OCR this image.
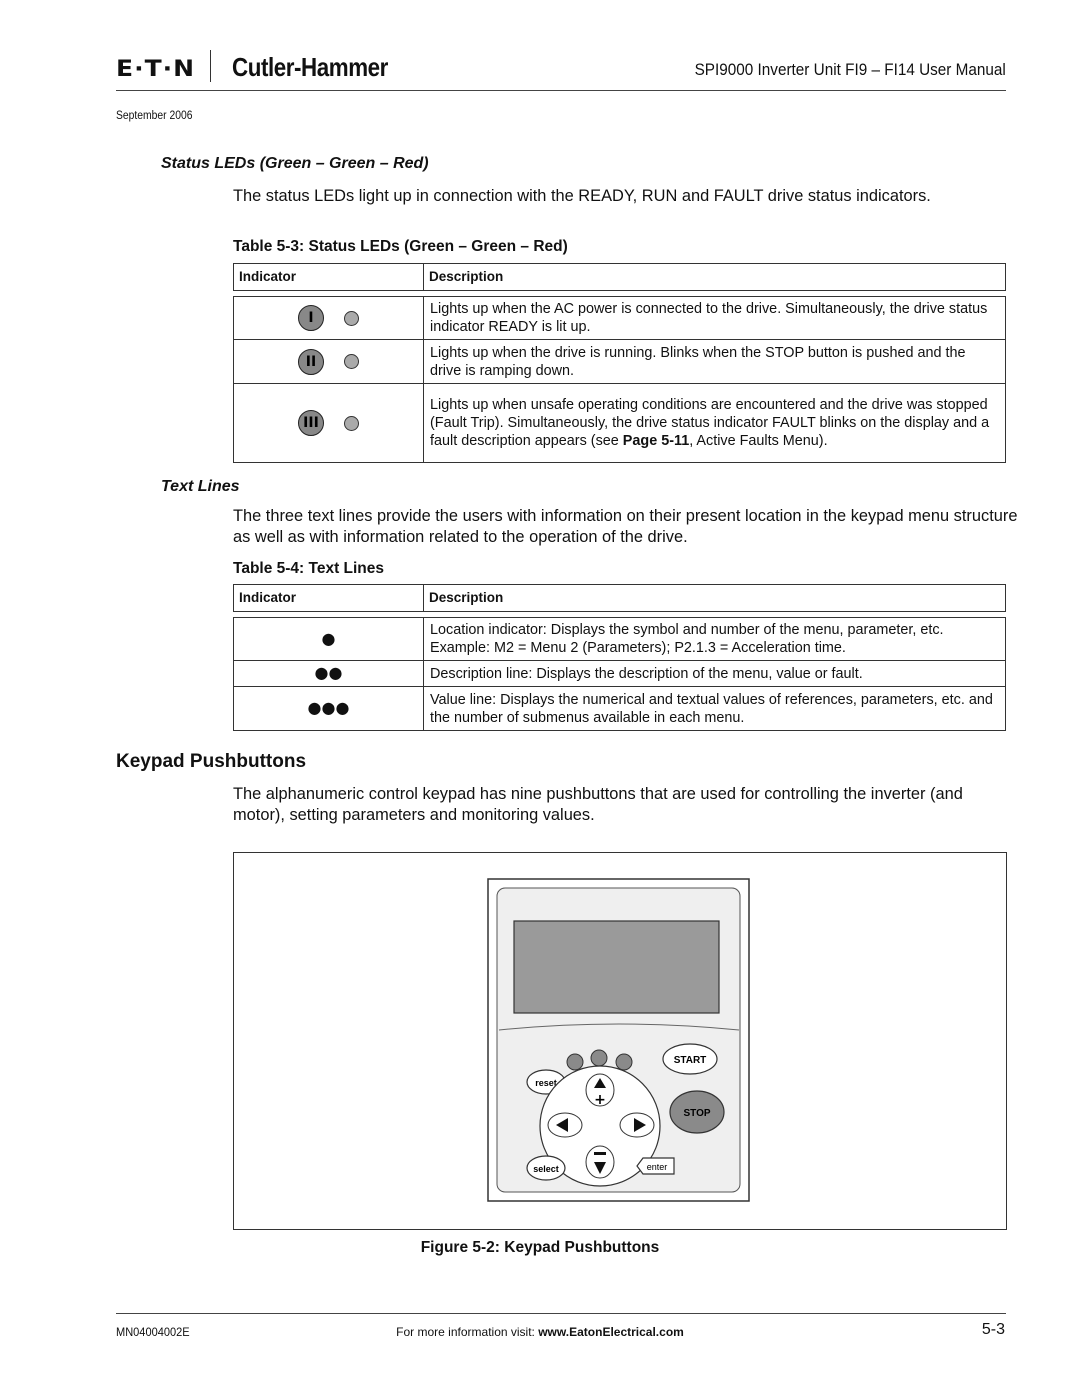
E·T·N Cutler-Hammer	SPI9000 Inverter Unit FI9 – FI14 User Manual
September 2006
Status LEDs (Green – Green – Red)
The status LEDs light up in connection with the READY, RUN and FAULT drive status indicators.
Table 5-3: Status LEDs (Green – Green – Red)
Indicator	Description
I	Lights up when the AC power is connected to the drive. Simultaneously, the drive status indicator READY is lit up.
II	Lights up when the drive is running. Blinks when the STOP button is pushed and the drive is ramping down.
III	Lights up when unsafe operating conditions are encountered and the drive was stopped (Fault Trip). Simultaneously, the drive status indicator FAULT blinks on the display and a fault description appears (see Page 5-11, Active Faults Menu).
Text Lines
The three text lines provide the users with information on their present location in the keypad menu structure as well as with information related to the operation of the drive.
Table 5-4: Text Lines
Indicator	Description
●	Location indicator: Displays the symbol and number of the menu, parameter, etc. Example: M2 = Menu 2 (Parameters); P2.1.3 = Acceleration time.
●●	Description line: Displays the description of the menu, value or fault.
●●●	Value line: Displays the numerical and textual values of references, parameters, etc. and the number of submenus available in each menu.
Keypad Pushbuttons
The alphanumeric control keypad has nine pushbuttons that are used for controlling the inverter (and motor), setting parameters and monitoring values.
START
reset
+
STOP
select	enter
Figure 5-2: Keypad Pushbuttons
MN04004002E	For more information visit: www.EatonElectrical.com	5-3
